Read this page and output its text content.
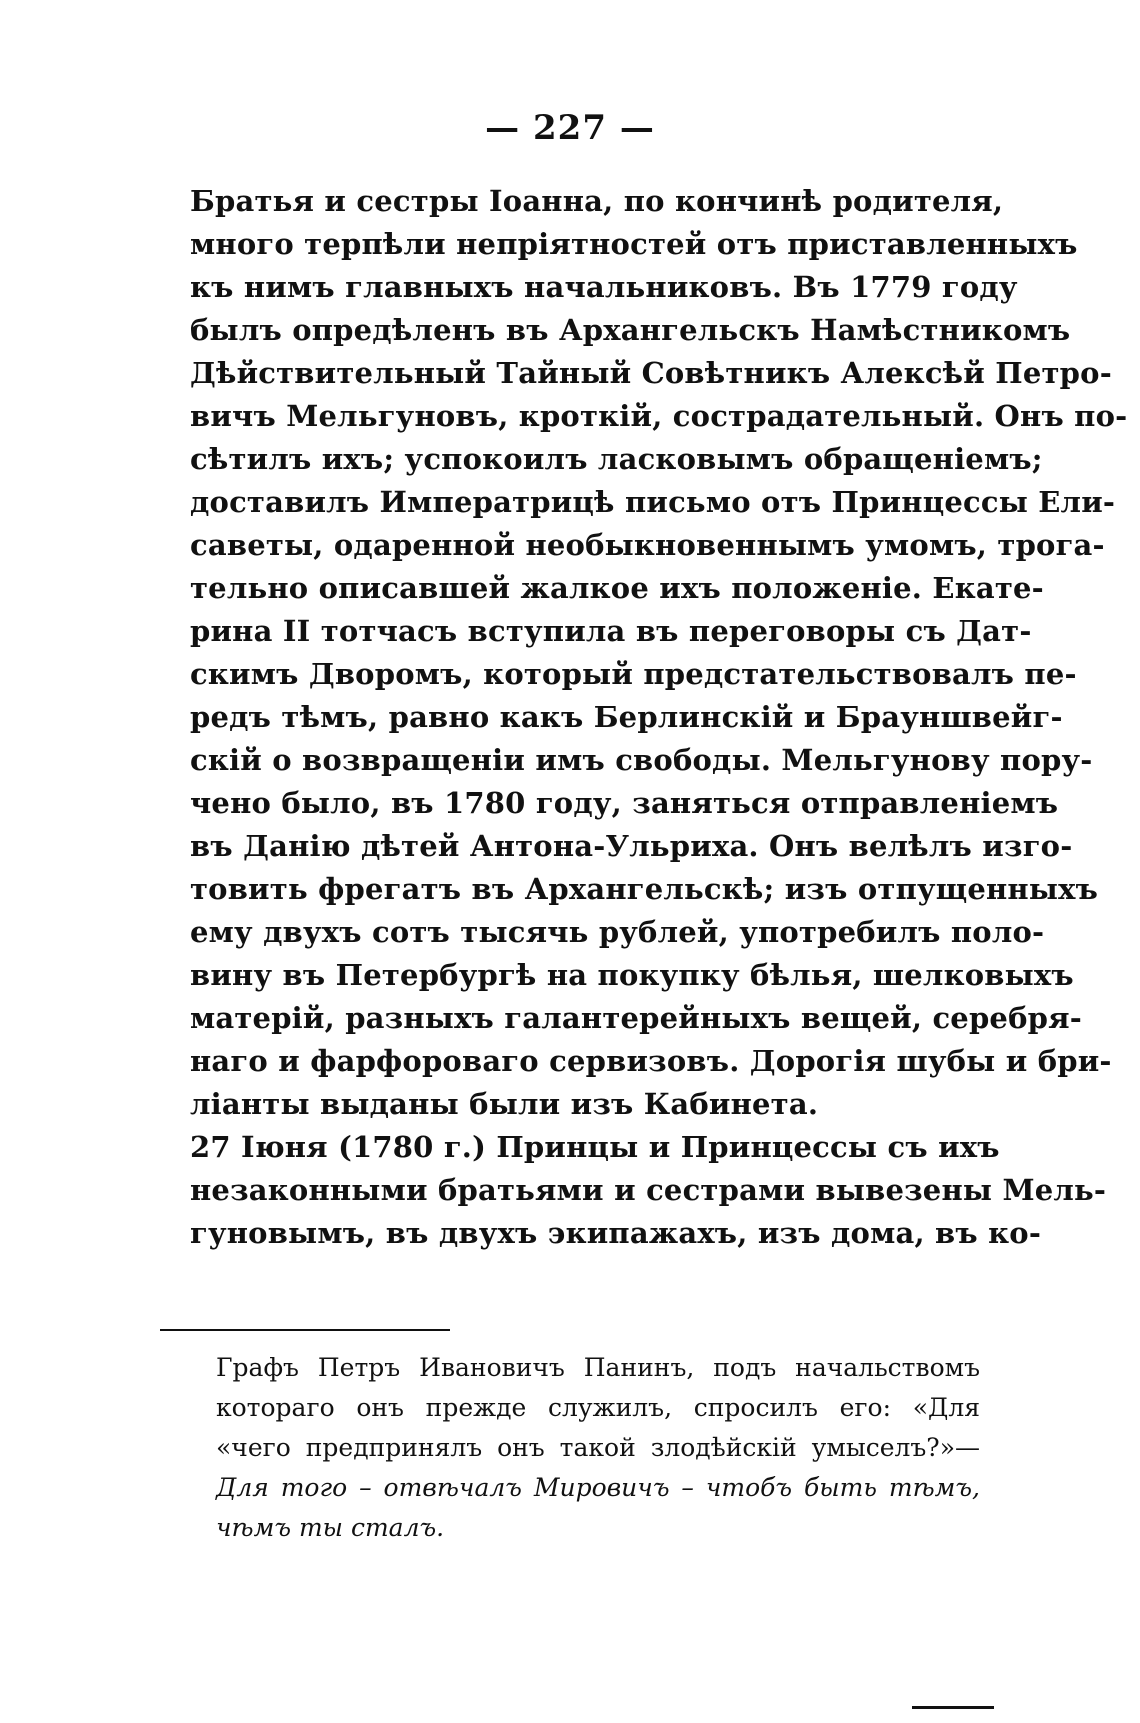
— 227 —
Братья и сестры Іоанна, по кончинѣ родителя,
много терпѣли непріятностей отъ приставленныхъ
къ нимъ главныхъ начальниковъ. Въ 1779 году
былъ опредѣленъ въ Архангельскъ Намѣстникомъ
Дѣйствительный Тайный Совѣтникъ Алексѣй Петро-
вичъ Мельгуновъ, кроткій, сострадательный. Онъ по-
сѣтилъ ихъ; успокоилъ ласковымъ обращеніемъ;
доставилъ Императрицѣ письмо отъ Принцессы Ели-
саветы, одаренной необыкновеннымъ умомъ, трога-
тельно описавшей жалкое ихъ положеніе. Екате-
рина II тотчасъ вступила въ переговоры съ Дат-
скимъ Дворомъ, который предстательствовалъ пе-
редъ тѣмъ, равно какъ Берлинскій и Брауншвейг-
скій о возвращеніи имъ свободы. Мельгунову пору-
чено было, въ 1780 году, заняться отправленіемъ
въ Данію дѣтей Антона-Ульриха. Онъ велѣлъ изго-
товить фрегатъ въ Архангельскѣ; изъ отпущенныхъ
ему двухъ сотъ тысячь рублей, употребилъ поло-
вину въ Петербургѣ на покупку бѣлья, шелковыхъ
матерій, разныхъ галантерейныхъ вещей, серебря-
наго и фарфороваго сервизовъ. Дорогія шубы и бри-
ліанты выданы были изъ Кабинета.
27 Іюня (1780 г.) Принцы и Принцессы съ ихъ
незаконными братьями и сестрами вывезены Мель-
гуновымъ, въ двухъ экипажахъ, изъ дома, въ ко-
Графъ Петръ Ивановичъ Панинъ, подъ начальствомъ
котораго онъ прежде служилъ, спросилъ его: «Для
«чего предпринялъ онъ такой злодѣйскій умыселъ?»—
Для того – отвѣчалъ Мировичъ – чтобъ быть тѣмъ,
чѣмъ ты сталъ.
